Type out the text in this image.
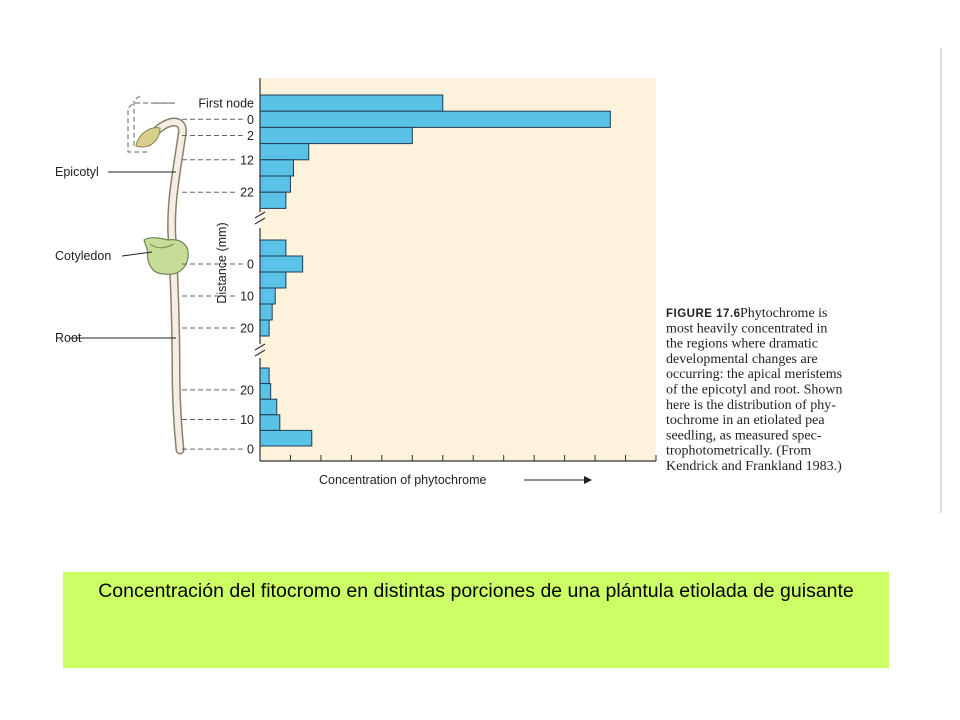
Epicotyl
Cotyledon
Root
First node
0
2
12
22
0
10
20
20
10
0
Distance (mm)
Concentration of phytochrome
FIGURE 17.6 Phytochrome is
most heavily concentrated in
the regions where dramatic
developmental changes are
occurring: the apical meristems
of the epicotyl and root. Shown
here is the distribution of phy-
tochrome in an etiolated pea
seedling, as measured spec-
trophotometrically. (From
Kendrick and Frankland 1983.)
Concentración del fitocromo en distintas porciones de una plántula etiolada de guisante
